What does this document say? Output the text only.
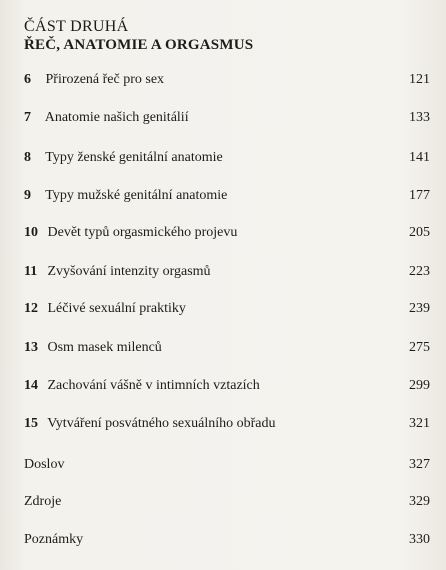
ČÁST DRUHÁ
ŘEČ, ANATOMIE A ORGASMUS
6 Přirozená řeč pro sex	121
7 Anatomie našich genitálií	133
8 Typy ženské genitální anatomie	141
9 Typy mužské genitální anatomie	177
10 Devět typů orgasmického projevu	205
11 Zvyšování intenzity orgasmů	223
12 Léčivé sexuální praktiky	239
13 Osm masek milenců	275
14 Zachování vášně v intimních vztazích	299
15 Vytváření posvátného sexuálního obřadu	321
Doslov	327
Zdroje	329
Poznámky	330
